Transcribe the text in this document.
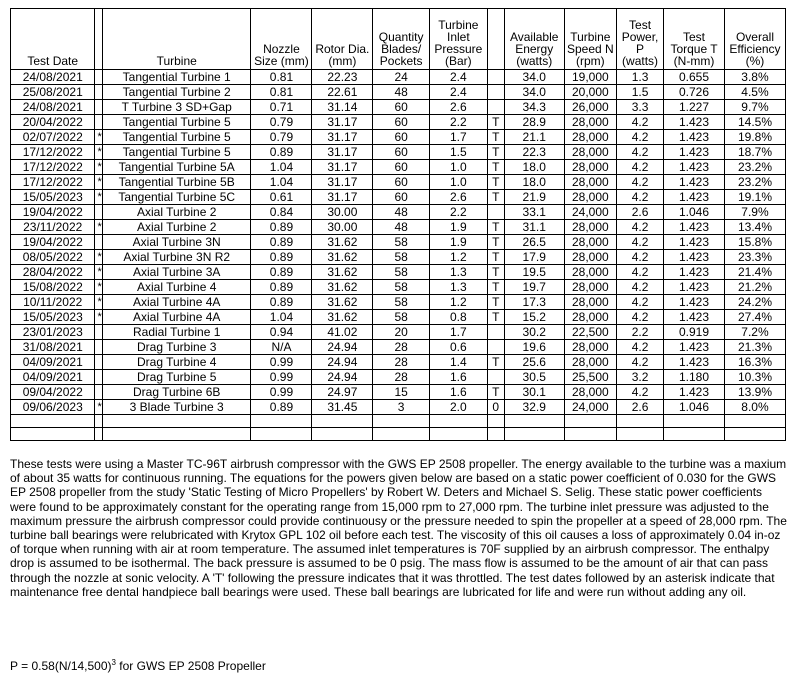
Test Date		Turbine	Nozzle Size (mm)	Rotor Dia. (mm)	Quantity Blades/ Pockets	Turbine Inlet Pressure (Bar)		Available Energy (watts)	Turbine Speed N (rpm)	Test Power, P (watts)	Test Torque T (N-mm)	Overall Efficiency (%)
24/08/2021		Tangential Turbine 1	0.81	22.23	24	2.4		34.0	19,000	1.3	0.655	3.8%
25/08/2021		Tangential Turbine 2	0.81	22.61	48	2.4		34.0	20,000	1.5	0.726	4.5%
24/08/2021		T Turbine 3 SD+Gap	0.71	31.14	60	2.6		34.3	26,000	3.3	1.227	9.7%
20/04/2022		Tangential Turbine 5	0.79	31.17	60	2.2	T	28.9	28,000	4.2	1.423	14.5%
02/07/2022	*	Tangential Turbine 5	0.79	31.17	60	1.7	T	21.1	28,000	4.2	1.423	19.8%
17/12/2022	*	Tangential Turbine 5	0.89	31.17	60	1.5	T	22.3	28,000	4.2	1.423	18.7%
17/12/2022	*	Tangential Turbine 5A	1.04	31.17	60	1.0	T	18.0	28,000	4.2	1.423	23.2%
17/12/2022	*	Tangential Turbine 5B	1.04	31.17	60	1.0	T	18.0	28,000	4.2	1.423	23.2%
15/05/2023	*	Tangential Turbine 5C	0.61	31.17	60	2.6	T	21.9	28,000	4.2	1.423	19.1%
19/04/2022		Axial Turbine 2	0.84	30.00	48	2.2		33.1	24,000	2.6	1.046	7.9%
23/11/2022	*	Axial Turbine 2	0.89	30.00	48	1.9	T	31.1	28,000	4.2	1.423	13.4%
19/04/2022		Axial Turbine 3N	0.89	31.62	58	1.9	T	26.5	28,000	4.2	1.423	15.8%
08/05/2022	*	Axial Turbine 3N R2	0.89	31.62	58	1.2	T	17.9	28,000	4.2	1.423	23.3%
28/04/2022	*	Axial Turbine 3A	0.89	31.62	58	1.3	T	19.5	28,000	4.2	1.423	21.4%
15/08/2022	*	Axial Turbine 4	0.89	31.62	58	1.3	T	19.7	28,000	4.2	1.423	21.2%
10/11/2022	*	Axial Turbine 4A	0.89	31.62	58	1.2	T	17.3	28,000	4.2	1.423	24.2%
15/05/2023	*	Axial Turbine 4A	1.04	31.62	58	0.8	T	15.2	28,000	4.2	1.423	27.4%
23/01/2023		Radial Turbine 1	0.94	41.02	20	1.7		30.2	22,500	2.2	0.919	7.2%
31/08/2021		Drag Turbine 3	N/A	24.94	28	0.6		19.6	28,000	4.2	1.423	21.3%
04/09/2021		Drag Turbine 4	0.99	24.94	28	1.4	T	25.6	28,000	4.2	1.423	16.3%
04/09/2021		Drag Turbine 5	0.99	24.94	28	1.6		30.5	25,500	3.2	1.180	10.3%
09/04/2022		Drag Turbine 6B	0.99	24.97	15	1.6	T	30.1	28,000	4.2	1.423	13.9%
09/06/2023	*	3 Blade Turbine 3	0.89	31.45	3	2.0	0	32.9	24,000	2.6	1.046	8.0%

These tests were using a Master TC-96T airbrush compressor with the GWS EP 2508 propeller. The energy available to the turbine was a maxium of about 35 watts for continuous running. The equations for the powers given below are based on a static power coefficient of 0.030 for the GWS EP 2508 propeller from the study 'Static Testing of Micro Propellers' by Robert W. Deters and Michael S. Selig. These static power coefficients were found to be approximately constant for the operating range from 15,000 rpm to 27,000 rpm. The turbine inlet pressure was adjusted to the maximum pressure the airbrush compressor could provide continuousy or the pressure needed to spin the propeller at a speed of 28,000 rpm. The turbine ball bearings were relubricated with Krytox GPL 102 oil before each test. The viscosity of this oil causes a loss of approximately 0.04 in-oz of torque when running with air at room temperature. The assumed inlet temperatures is 70F supplied by an airbrush compressor. The enthalpy drop is assumed to be isothermal. The back pressure is assumed to be 0 psig. The mass flow is assumed to be the amount of air that can pass through the nozzle at sonic velocity. A 'T' following the pressure indicates that it was throttled. The test dates followed by an asterisk indicate that maintenance free dental handpiece ball bearings were used. These ball bearings are lubricated for life and were run without adding any oil.

$P = 0.58(N/14,500)^3$ for GWS EP 2508 Propeller
